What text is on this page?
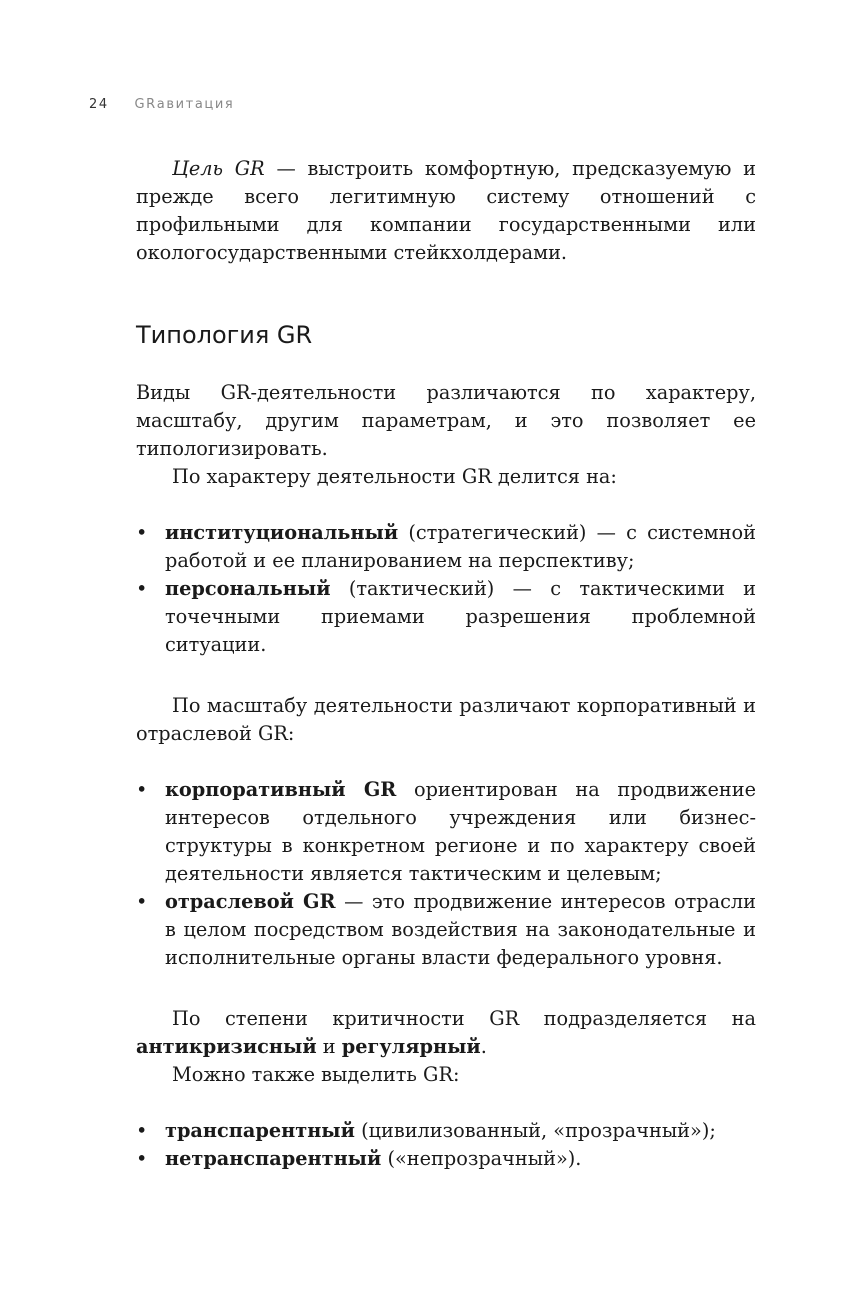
24 GRавитация

Цель GR — выстроить комфортную, предсказуемую и прежде всего легитимную систему отношений с профильными для компании государственными или окологосударственными стейкхолдерами.

Типология GR

Виды GR-деятельности различаются по характеру, масштабу, другим параметрам, и это позволяет ее типологизировать.

По характеру деятельности GR делится на:

• институциональный (стратегический) — с системной работой и ее планированием на перспективу;
• персональный (тактический) — с тактическими и точечными приемами разрешения проблемной ситуации.

По масштабу деятельности различают корпоративный и отраслевой GR:

• корпоративный GR ориентирован на продвижение интересов отдельного учреждения или бизнес-структуры в конкретном регионе и по характеру своей деятельности является тактическим и целевым;
• отраслевой GR — это продвижение интересов отрасли в целом посредством воздействия на законодательные и исполнительные органы власти федерального уровня.

По степени критичности GR подразделяется на антикризисный и регулярный.

Можно также выделить GR:

• транспарентный (цивилизованный, «прозрачный»);
• нетранспарентный («непрозрачный»).
